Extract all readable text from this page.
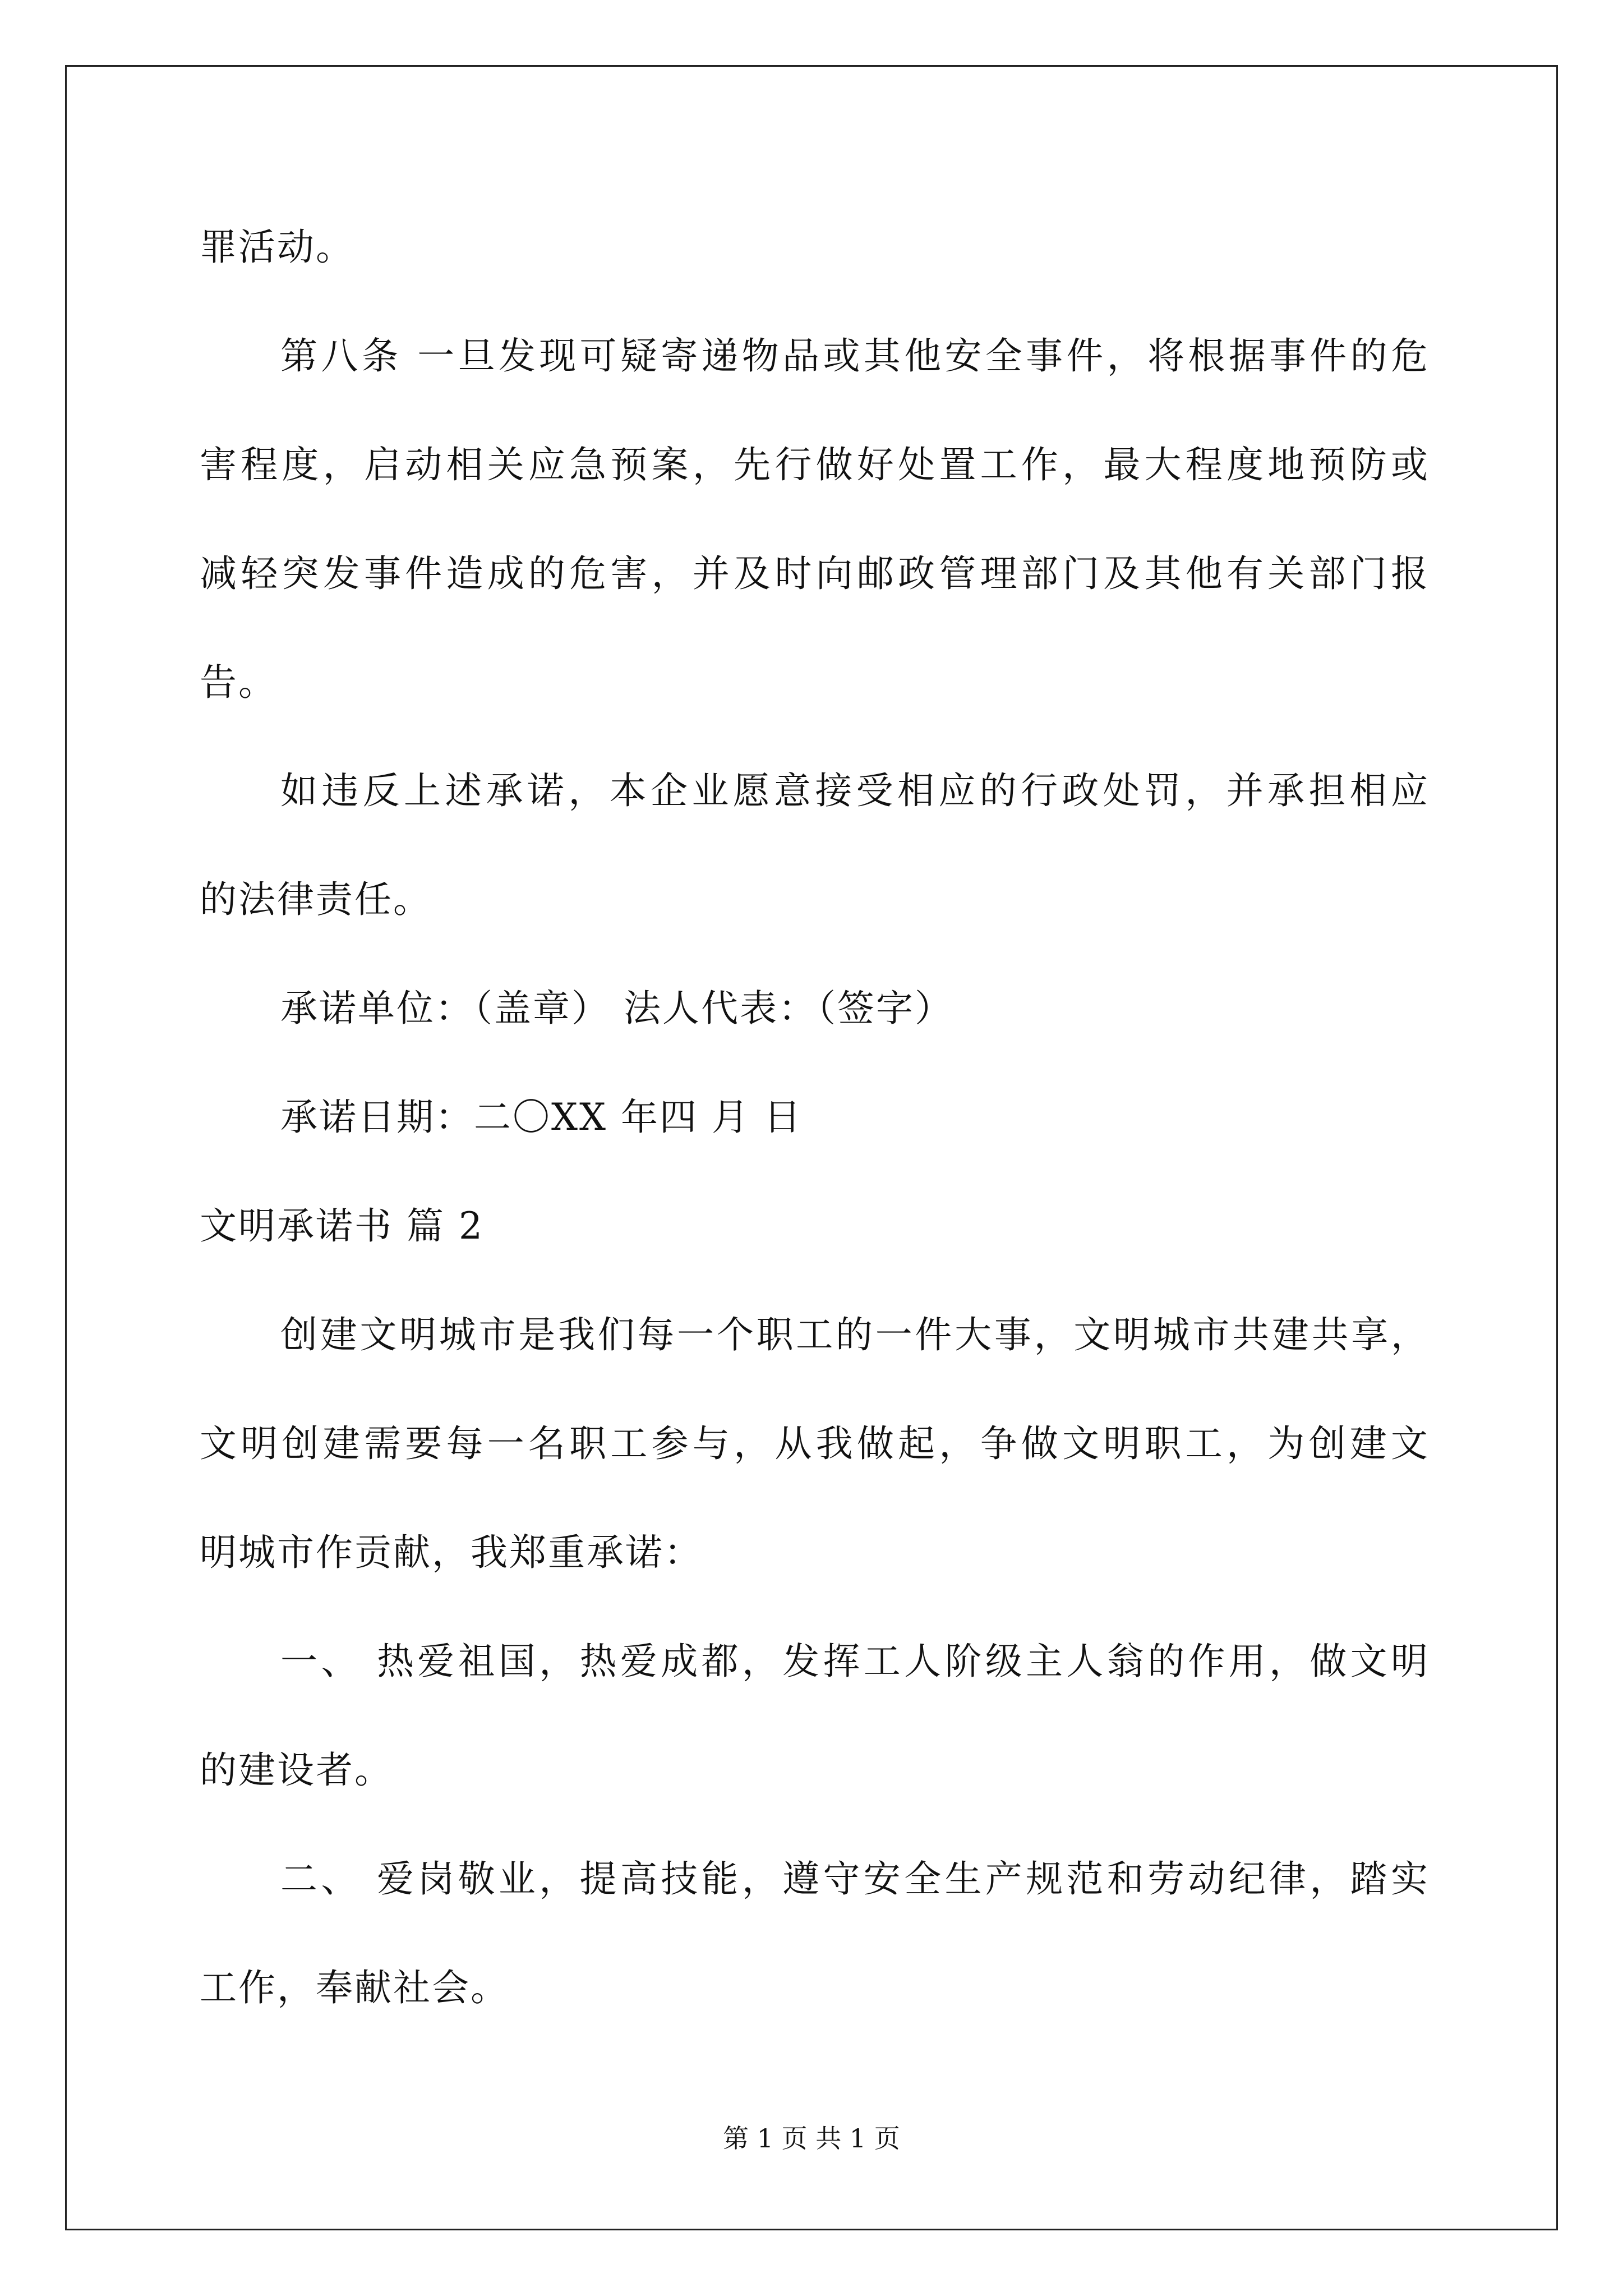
罪活动。
第八条 一旦发现可疑寄递物品或其他安全事件，将根据事件的危
害程度，启动相关应急预案，先行做好处置工作，最大程度地预防或
减轻突发事件造成的危害，并及时向邮政管理部门及其他有关部门报
告。
如违反上述承诺，本企业愿意接受相应的行政处罚，并承担相应
的法律责任。
承诺单位：（盖章） 法人代表：（签字）
承诺日期：二〇XX 年四 月 日
文明承诺书 篇 2
创建文明城市是我们每一个职工的一件大事，文明城市共建共享，
文明创建需要每一名职工参与，从我做起，争做文明职工，为创建文
明城市作贡献，我郑重承诺：
一、 热爱祖国，热爱成都，发挥工人阶级主人翁的作用，做文明
的建设者。
二、 爱岗敬业，提高技能，遵守安全生产规范和劳动纪律，踏实
工作，奉献社会。
第 1 页 共 1 页
